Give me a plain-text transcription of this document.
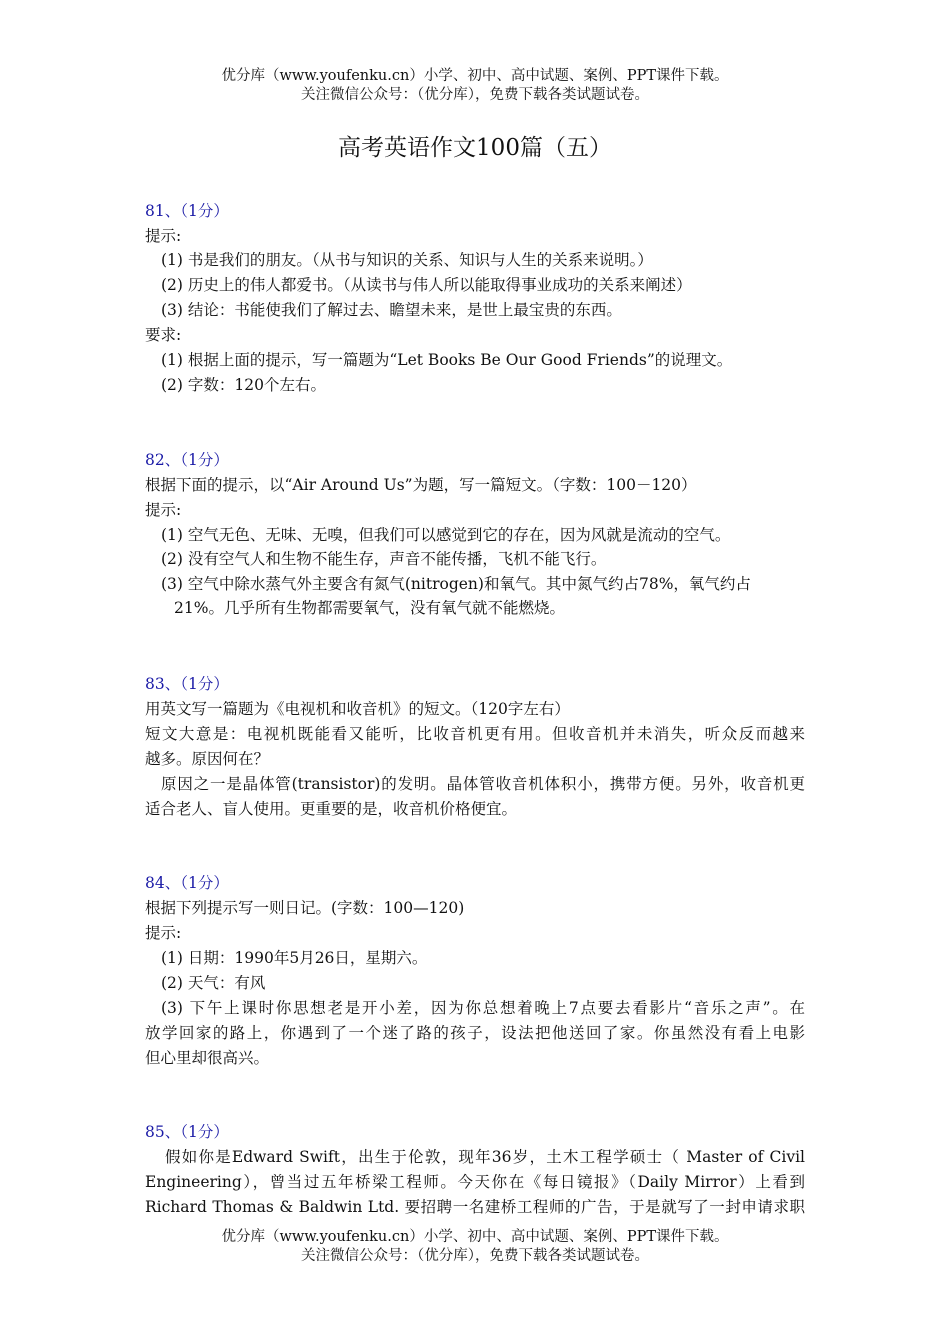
优分库（www.youfenku.cn）小学、初中、高中试题、案例、PPT课件下载。
关注微信公众号：（优分库），免费下载各类试题试卷。
高考英语作文100篇（五）
81、（1分）
提示:
(1) 书是我们的朋友。（从书与知识的关系、知识与人生的关系来说明。）
(2) 历史上的伟人都爱书。（从读书与伟人所以能取得事业成功的关系来阐述）
(3) 结论：书能使我们了解过去、瞻望未来，是世上最宝贵的东西。
要求:
(1) 根据上面的提示，写一篇题为“Let Books Be Our Good Friends”的说理文。
(2) 字数：120个左右。
82、（1分）
根据下面的提示，以“Air Around Us”为题，写一篇短文。（字数：100－120）
提示:
(1) 空气无色、无味、无嗅，但我们可以感觉到它的存在，因为风就是流动的空气。
(2) 没有空气人和生物不能生存，声音不能传播，飞机不能飞行。
(3) 空气中除水蒸气外主要含有氮气(nitrogen)和氧气。其中氮气约占78%，氧气约占
21%。几乎所有生物都需要氧气，没有氧气就不能燃烧。
83、（1分）
用英文写一篇题为《电视机和收音机》的短文。（120字左右）
短文大意是：电视机既能看又能听，比收音机更有用。但收音机并未消失，听众反而越来
越多。原因何在？
原因之一是晶体管(transistor)的发明。晶体管收音机体积小，携带方便。另外，收音机更
适合老人、盲人使用。更重要的是，收音机价格便宜。
84、（1分）
根据下列提示写一则日记。(字数：100—120)
提示:
(1) 日期：1990年5月26日，星期六。
(2) 天气：有风
(3) 下午上课时你思想老是开小差，因为你总想着晚上7点要去看影片“音乐之声”。在
放学回家的路上，你遇到了一个迷了路的孩子，设法把他送回了家。你虽然没有看上电影
但心里却很高兴。
85、（1分）
假如你是Edward Swift，出生于伦敦，现年36岁，土木工程学硕士（ Master of Civil
Engineering），曾当过五年桥梁工程师。今天你在《每日镜报》（Daily Mirror）上看到
Richard Thomas & Baldwin Ltd. 要招聘一名建桥工程师的广告，于是就写了一封申请求职
优分库（www.youfenku.cn）小学、初中、高中试题、案例、PPT课件下载。
关注微信公众号：（优分库），免费下载各类试题试卷。
